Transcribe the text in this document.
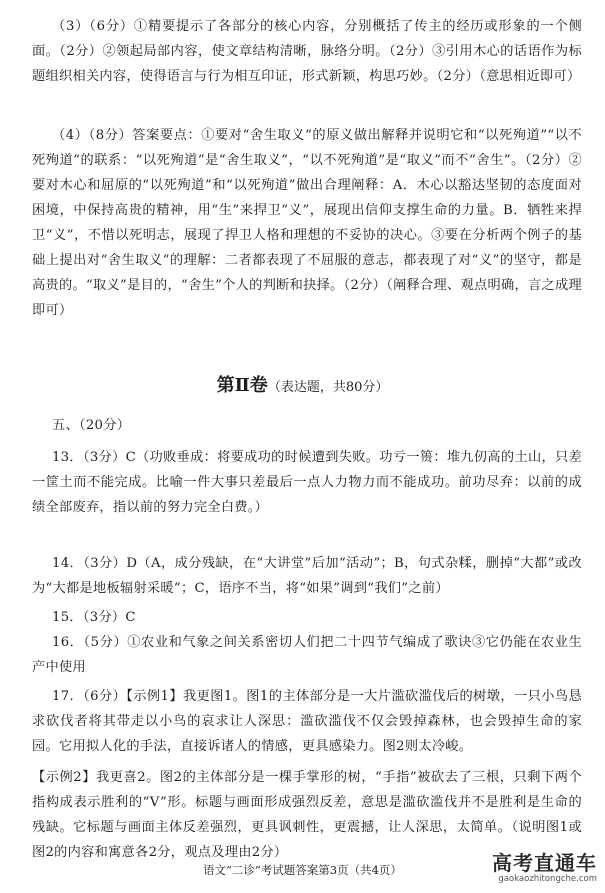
（3）（6分）①精要提示了各部分的核心内容，分别概括了传主的经历或形象的一个侧面。（2分）②领起局部内容，使文章结构清晰，脉络分明。（2分）③引用木心的话语作为标题组织相关内容，使得语言与行为相互印证，形式新颖，构思巧妙。（2分）（意思相近即可）

（4）（8分）答案要点：①要对“舍生取义”的原义做出解释并说明它和“以死殉道”“以不死殉道”的联系：“以死殉道”是“舍生取义”，“以不死殉道”是“取义”而不“舍生”。（2分）②要对木心和屈原的“以死殉道”和“以死殉道”做出合理阐释：A．木心以豁达坚韧的态度面对困境，中保持高贵的精神，用“生”来捍卫“义”，展现出信仰支撑生命的力量。B．牺牲来捍卫“义”，不惜以死明志，展现了捍卫人格和理想的不妥协的决心。③要在分析两个例子的基础上提出对“舍生取义”的理解：二者都表现了不屈服的意志，都表现了对“义”的坚守，都是高贵的。“取义”是目的，“舍生”个人的判断和抉择。（2分）（阐释合理、观点明确，言之成理即可）

第Ⅱ卷（表达题，共80分）

五、（20分）

13．（3分）C（功败垂成：将要成功的时候遭到失败。功亏一篑：堆九仞高的土山，只差一筐土而不能完成。比喻一件大事只差最后一点人力物力而不能成功。前功尽弃：以前的成绩全部废弃，指以前的努力完全白费。）

14．（3分）D（A，成分残缺，在“大讲堂”后加“活动”；B，句式杂糅，删掉“大都”或改为“大都是地板辐射采暖”；C，语序不当，将“如果”调到“我们”之前）

15．（3分）C

16．（5分）①农业和气象之间关系密切人们把二十四节气编成了歌诀③它仍能在农业生产中使用

17．（6分）【示例1】我更图1。图1的主体部分是一大片滥砍滥伐后的树墩，一只小鸟恳求砍伐者将其带走以小鸟的哀求让人深思：滥砍滥伐不仅会毁掉森林，也会毁掉生命的家园。它用拟人化的手法，直接诉诸人的情感，更具感染力。图2则太冷峻。

【示例2】我更喜2。图2的主体部分是一棵手掌形的树，“手指”被砍去了三根，只剩下两个指构成表示胜利的“V”形。标题与画面形成强烈反差，意思是滥砍滥伐并不是胜利是生命的残缺。它标题与画面主体反差强烈，更具讽刺性，更震撼，让人深思，太简单。（说明图1或图2的内容和寓意各2分，观点及理由2分）

语文“二诊”考试题答案第3页（共4页）	高考直通车
gaokaozhitongche.com
